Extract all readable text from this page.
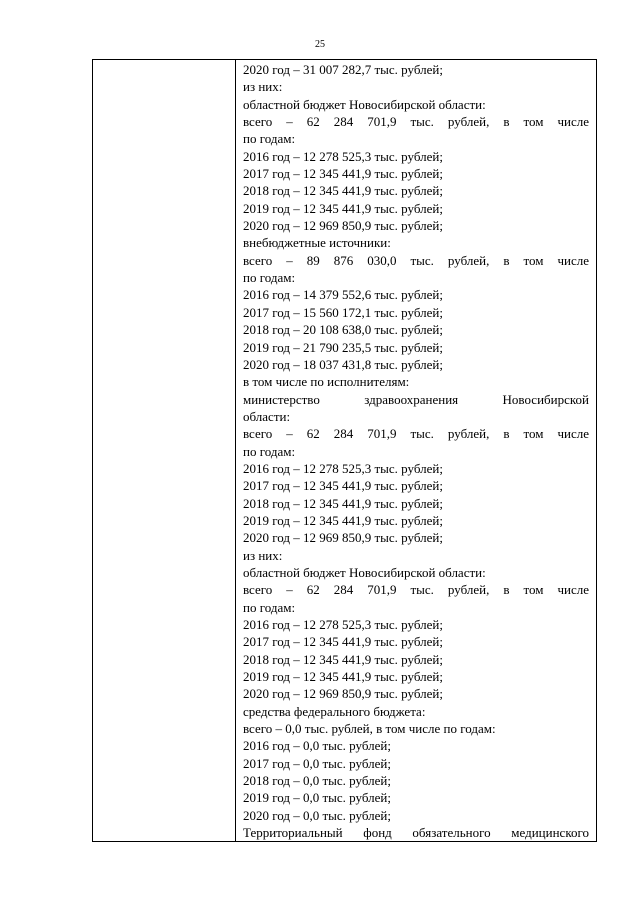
25
2020 год – 31 007 282,7 тыс. рублей;
из них:
областной бюджет Новосибирской области:
всего – 62 284 701,9 тыс. рублей, в том числе
по годам:
2016 год – 12 278 525,3 тыс. рублей;
2017 год – 12 345 441,9 тыс. рублей;
2018 год – 12 345 441,9 тыс. рублей;
2019 год – 12 345 441,9 тыс. рублей;
2020 год – 12 969 850,9 тыс. рублей;
внебюджетные источники:
всего – 89 876 030,0 тыс. рублей, в том числе
по годам:
2016 год – 14 379 552,6 тыс. рублей;
2017 год – 15 560 172,1 тыс. рублей;
2018 год – 20 108 638,0 тыс. рублей;
2019 год – 21 790 235,5 тыс. рублей;
2020 год – 18 037 431,8 тыс. рублей;
в том числе по исполнителям:
министерство здравоохранения Новосибирской
области:
всего – 62 284 701,9 тыс. рублей, в том числе
по годам:
2016 год – 12 278 525,3 тыс. рублей;
2017 год – 12 345 441,9 тыс. рублей;
2018 год – 12 345 441,9 тыс. рублей;
2019 год – 12 345 441,9 тыс. рублей;
2020 год – 12 969 850,9 тыс. рублей;
из них:
областной бюджет Новосибирской области:
всего – 62 284 701,9 тыс. рублей, в том числе
по годам:
2016 год – 12 278 525,3 тыс. рублей;
2017 год – 12 345 441,9 тыс. рублей;
2018 год – 12 345 441,9 тыс. рублей;
2019 год – 12 345 441,9 тыс. рублей;
2020 год – 12 969 850,9 тыс. рублей;
средства федерального бюджета:
всего – 0,0 тыс. рублей, в том числе по годам:
2016 год – 0,0 тыс. рублей;
2017 год – 0,0 тыс. рублей;
2018 год – 0,0 тыс. рублей;
2019 год – 0,0 тыс. рублей;
2020 год – 0,0 тыс. рублей;
Территориальный фонд обязательного медицинского
